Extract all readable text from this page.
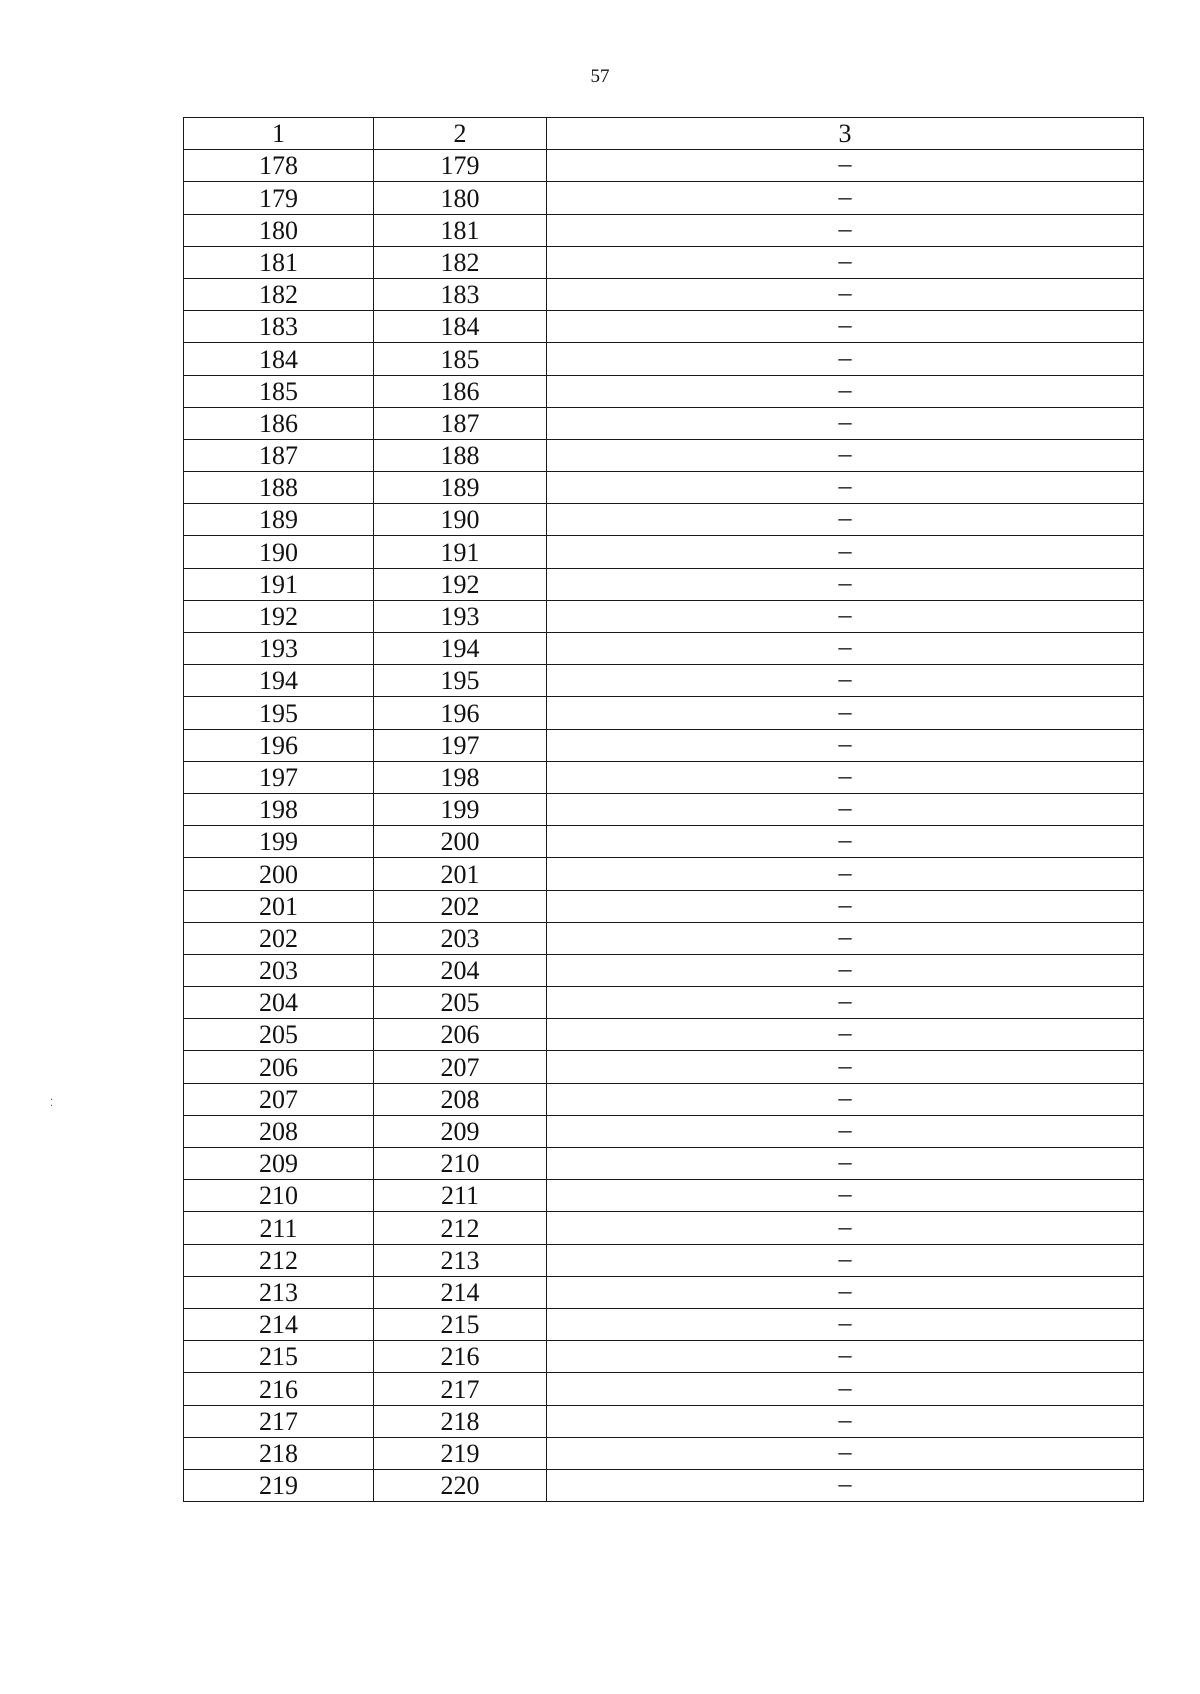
57
1	2	3
178	179	–
179	180	–
180	181	–
181	182	–
182	183	–
183	184	–
184	185	–
185	186	–
186	187	–
187	188	–
188	189	–
189	190	–
190	191	–
191	192	–
192	193	–
193	194	–
194	195	–
195	196	–
196	197	–
197	198	–
198	199	–
199	200	–
200	201	–
201	202	–
202	203	–
203	204	–
204	205	–
205	206	–
206	207	–
207	208	–
208	209	–
209	210	–
210	211	–
211	212	–
212	213	–
213	214	–
214	215	–
215	216	–
216	217	–
217	218	–
218	219	–
219	220	–
⁚
